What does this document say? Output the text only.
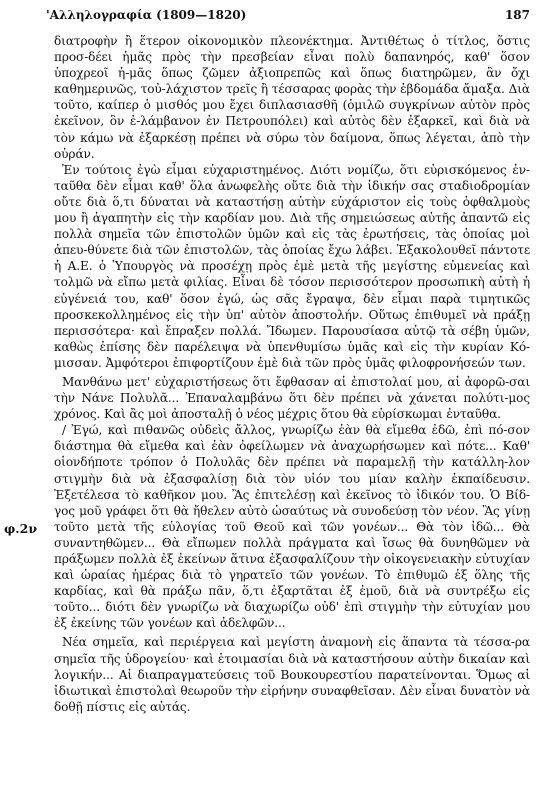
'Αλληλογραφία (1809—1820)	187
φ.2ν

διατροφὴν ἢ ἕτερον οἰκονομικὸν πλεονέκτημα. Ἀντιθέτως ὁ τίτλος, ὅστις προσ-δέει ἡμᾶς πρὸς τὴν πρεσβείαν εἶναι πολὺ δαπανηρός, καθ' ὅσον ὑποχρεοῖ ἡ-μᾶς ὅπως ζῶμεν ἀξιοπρεπῶς καὶ ὅπως διατηρῶμεν, ἂν ὄχι καθημερινῶς, τοὐ-λάχιστον τρεῖς ἢ τέσσαρας φορὰς τὴν ἑβδομάδα ἄμαξα. Διὰ τοῦτο, καίπερ ὁ μισθός μου ἔχει διπλασιασθῆ (ὁμιλῶ συγκρίνων αὐτὸν πρὸς ἐκεῖνον, ὃν ἐ-λάμβανον ἐν Πετρουπόλει) καὶ αὐτὸς δὲν ἐξαρκεῖ, καὶ διὰ νὰ τὸν κάμω νὰ ἐξαρκέσῃ πρέπει νὰ σύρω τὸν δαίμονα, ὅπως λέγεται, ἀπὸ τὴν οὐράν.

Ἐν τούτοις ἐγὼ εἶμαι εὐχαριστημένος. Διότι νομίζω, ὅτι εὑρισκόμενος ἐν-ταῦθα δὲν εἶμαι καθ' ὅλα ἀνωφελὴς οὔτε διὰ τὴν ἰδικήν σας σταδιοδρομίαν οὔτε διὰ ὅ,τι δύναται νὰ καταστήσῃ αὐτὴν εὐχάριστον εἰς τοὺς ὀφθαλμοὺς μου ἢ ἀγαπητὴν εἰς τὴν καρδίαν μου. Διὰ τῆς σημειώσεως αὐτῆς ἀπαντῶ εἰς πολλὰ σημεῖα τῶν ἐπιστολῶν ὑμῶν καὶ εἰς τὰς ἐρωτήσεις, τὰς ὁποίας μοὶ ἀπευ-θύνετε διὰ τῶν ἐπιστολῶν, τὰς ὁποίας ἔχω λάβει. Ἐξακολουθεῖ πάντοτε ἡ Α.Ε. ὁ Ὑπουργὸς νὰ προσέχῃ πρὸς ἐμὲ μετὰ τῆς μεγίστης εὐμενείας καὶ τολμῶ νὰ εἴπω μετὰ φιλίας. Εἶναι δὲ τόσον περισσότερον προσωπικὴ αὐτὴ ἡ εὐγένειά του, καθ' ὅσον ἐγώ, ὡς σᾶς ἔγραψα, δὲν εἶμαι παρὰ τιμητικῶς προσκεκολλημένος εἰς τὴν ὑπ' αὐτὸν ἀποστολήν. Οὕτως ἐπιθυμεῖ νὰ πράξῃ περισσότερα· καὶ ἔπραξεν πολλά. Ἴδωμεν. Παρουσίασα αὐτῷ τὰ σέβη ὑμῶν, καθὼς ἐπίσης δὲν παρέλειψα νὰ ὑπενθυμίσω ὑμᾶς καὶ εἰς τὴν κυρίαν Κό-μισσαν. Ἀμφότεροι ἐπιφορτίζουν ἐμὲ διὰ τῶν πρὸς ὑμᾶς φιλοφρονήσεών των.

Μανθάνω μετ' εὐχαριστήσεως ὅτι ἔφθασαν αἱ ἐπιστολαί μου, αἱ ἀφορῶ-σαι τὴν Νάνε Πολυλᾶ... Ἐπαναλαμβάνω ὅτι δὲν πρέπει νὰ χάνεται πολύτι-μος χρόνος. Καὶ ἂς μοὶ ἀποσταλῇ ὁ νέος μέχρις ὅτου θὰ εὑρίσκωμαι ἐνταῦθα.

/ Ἐγώ, καὶ πιθανῶς οὐδεὶς ἄλλος, γνωρίζω ἐὰν θὰ εἴμεθα ἐδῶ, ἐπὶ πό-σον διάστημα θὰ εἴμεθα καὶ ἐὰν ὀφείλωμεν νὰ ἀναχωρήσωμεν καὶ πότε... Καθ' οἱονδήποτε τρόπον ὁ Πολυλᾶς δὲν πρέπει νὰ παραμελῇ τὴν κατάλλη-λον στιγμὴν διὰ νὰ ἐξασφαλίσῃ διὰ τὸν υἱόν του μίαν καλὴν ἐκπαίδευσιν. Ἐξετέλεσα τὸ καθῆκον μου. Ἂς ἐπιτελέσῃ καὶ ἐκεῖνος τὸ ἰδικόν του. Ὁ Βίδ-γος μοῦ γράφει ὅτι θὰ ἤθελεν αὐτὸ ὡσαύτως νὰ συνοδεύσῃ τὸν νέον. Ἂς γίνῃ τοῦτο μετὰ τῆς εὐλογίας τοῦ Θεοῦ καὶ τῶν γονέων... Θὰ τὸν ἰδῶ... Θὰ συναντηθῶμεν... Θὰ εἴπωμεν πολλὰ πράγματα καὶ ἴσως θὰ δυνηθῶμεν νὰ πράξωμεν πολλὰ ἐξ ἐκείνων ἅτινα ἐξασφαλίζουν τὴν οἰκογενειακὴν εὐτυχίαν καὶ ὡραίας ἡμέρας διὰ τὸ γηρατεῖο τῶν γονέων. Τὸ ἐπιθυμῶ ἐξ ὅλης τῆς καρδίας, καὶ θὰ πράξω πᾶν, ὅ,τι ἐξαρτᾶται ἐξ ἐμοῦ, διὰ νὰ συντρέξω εἰς τοῦτο... διότι δὲν γνωρίζω νὰ διαχωρίζω οὐδ' ἐπὶ στιγμὴν τὴν εὐτυχίαν μου ἐξ ἐκείνης τῶν γονέων καὶ ἀδελφῶν...

Νέα σημεῖα, καὶ περιέργεια καὶ μεγίστη ἀναμονὴ εἰς ἅπαντα τὰ τέσσα-ρα σημεῖα τῆς ὑδρογείου· καὶ ἑτοιμασίαι διὰ νὰ καταστήσουν αὐτὴν δικαίαν καὶ λογικήν... Αἱ διαπραγματεύσεις τοῦ Βουκουρεστίου παρατείνονται. Ὅμως αἱ ἰδιωτικαὶ ἐπιστολαὶ θεωροῦν τὴν εἰρήνην συναφθεῖσαν. Δὲν εἶναι δυνατὸν νὰ δοθῇ πίστις εἰς αὐτάς.
